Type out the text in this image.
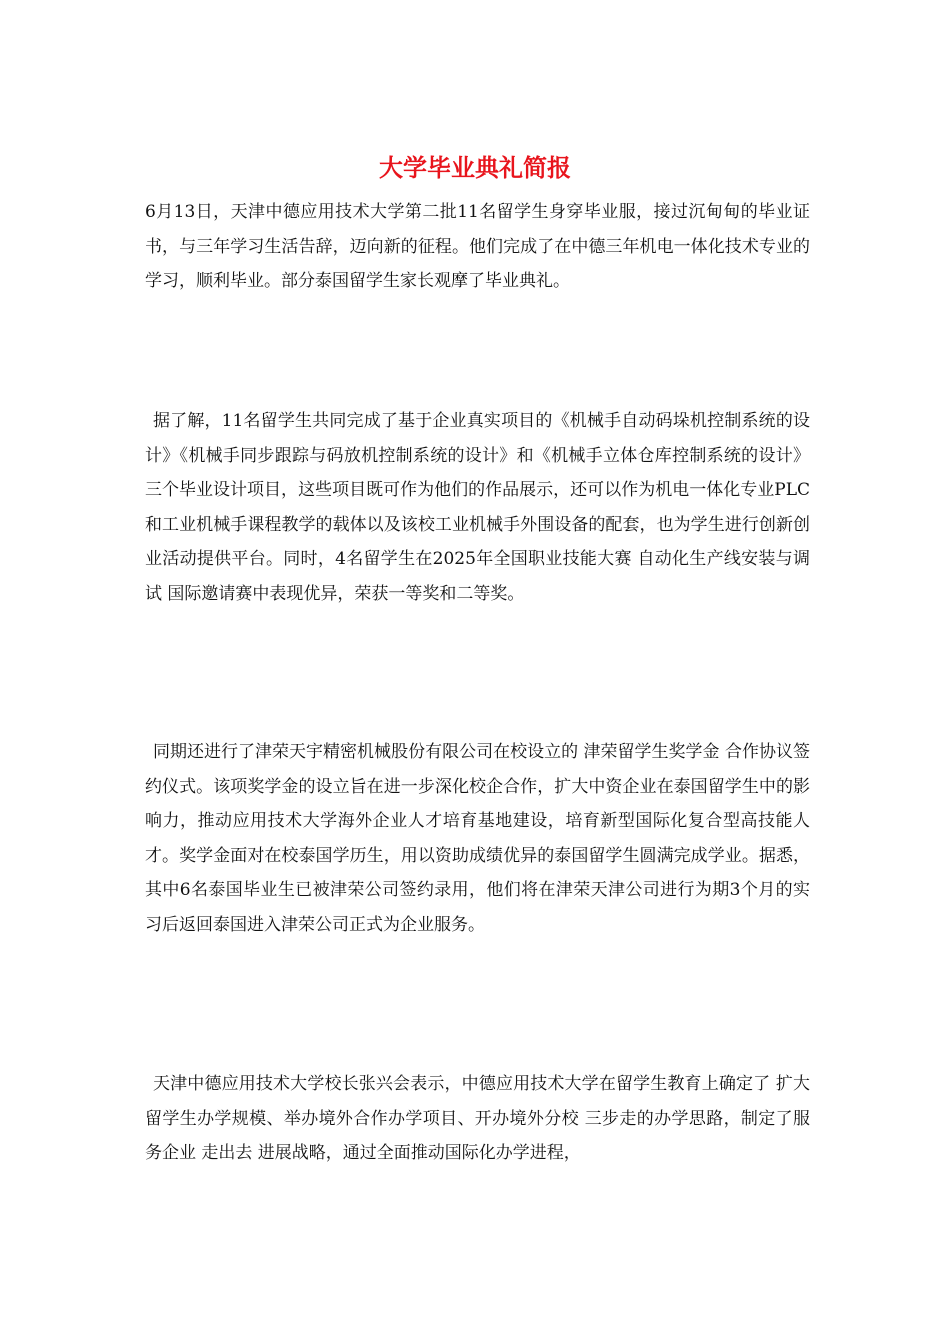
大学毕业典礼简报

6月13日，天津中德应用技术大学第二批11名留学生身穿毕业服，接过沉甸甸的毕业证书，与三年学习生活告辞，迈向新的征程。他们完成了在中德三年机电一体化技术专业的学习，顺利毕业。部分泰国留学生家长观摩了毕业典礼。

据了解，11名留学生共同完成了基于企业真实项目的《机械手自动码垛机控制系统的设计》《机械手同步跟踪与码放机控制系统的设计》和《机械手立体仓库控制系统的设计》三个毕业设计项目，这些项目既可作为他们的作品展示，还可以作为机电一体化专业PLC和工业机械手课程教学的载体以及该校工业机械手外围设备的配套，也为学生进行创新创业活动提供平台。同时，4名留学生在2025年全国职业技能大赛 自动化生产线安装与调试 国际邀请赛中表现优异，荣获一等奖和二等奖。

同期还进行了津荣天宇精密机械股份有限公司在校设立的 津荣留学生奖学金 合作协议签约仪式。该项奖学金的设立旨在进一步深化校企合作，扩大中资企业在泰国留学生中的影响力，推动应用技术大学海外企业人才培育基地建设，培育新型国际化复合型高技能人才。奖学金面对在校泰国学历生，用以资助成绩优异的泰国留学生圆满完成学业。据悉，其中6名泰国毕业生已被津荣公司签约录用，他们将在津荣天津公司进行为期3个月的实习后返回泰国进入津荣公司正式为企业服务。

天津中德应用技术大学校长张兴会表示，中德应用技术大学在留学生教育上确定了 扩大留学生办学规模、举办境外合作办学项目、开办境外分校 三步走的办学思路，制定了服务企业 走出去 进展战略，通过全面推动国际化办学进程，
